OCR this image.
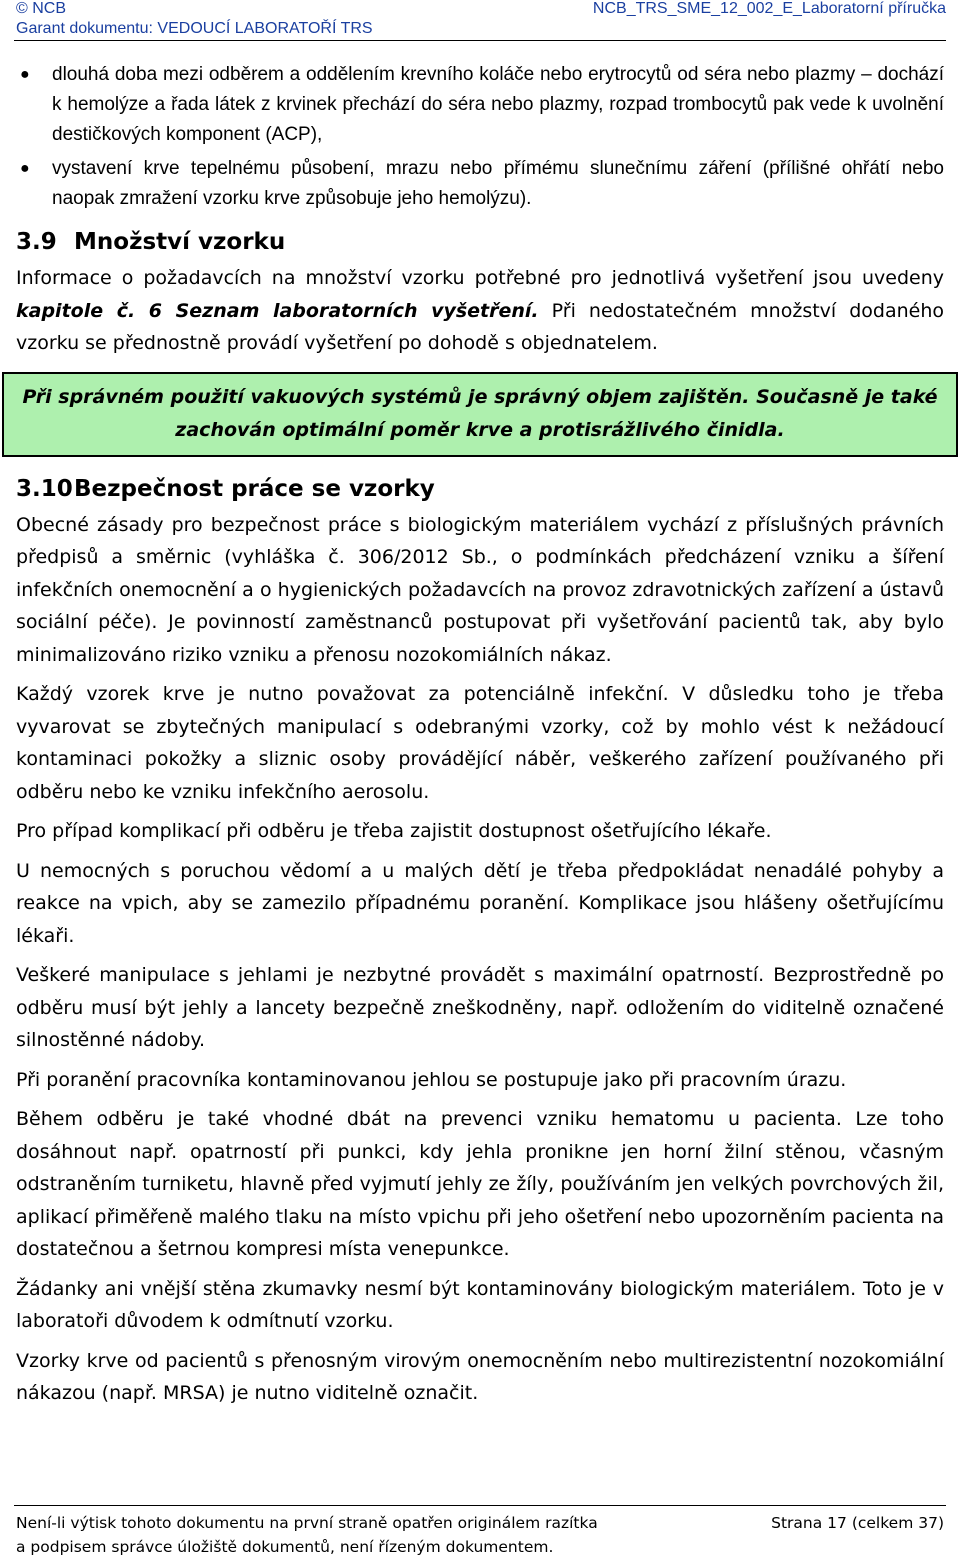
© NCB
Garant dokumentu: VEDOUCÍ LABORATOŘÍ TRS
NCB_TRS_SME_12_002_E_Laboratorní příručka
● dlouhá doba mezi odběrem a oddělením krevního koláče nebo erytrocytů od séra nebo plazmy – dochází k hemolýze a řada látek z krvinek přechází do séra nebo plazmy, rozpad trombocytů pak vede k uvolnění destičkových komponent (ACP),
● vystavení krve tepelnému působení, mrazu nebo přímému slunečnímu záření (přílišné ohřátí nebo naopak zmražení vzorku krve způsobuje jeho hemolýzu).
3.9 Množství vzorku

Informace o požadavcích na množství vzorku potřebné pro jednotlivá vyšetření jsou uvedeny kapitole č. 6 Seznam laboratorních vyšetření. Při nedostatečném množství dodaného vzorku se přednostně provádí vyšetření po dohodě s objednatelem.

Při správném použití vakuových systémů je správný objem zajištěn. Současně je také zachován optimální poměr krve a protisrážlivého činidla.
3.10Bezpečnost práce se vzorky

Obecné zásady pro bezpečnost práce s biologickým materiálem vychází z příslušných právních předpisů a směrnic (vyhláška č. 306/2012 Sb., o podmínkách předcházení vzniku a šíření infekčních onemocnění a o hygienických požadavcích na provoz zdravotnických zařízení a ústavů sociální péče). Je povinností zaměstnanců postupovat při vyšetřování pacientů tak, aby bylo minimalizováno riziko vzniku a přenosu nozokomiálních nákaz.

Každý vzorek krve je nutno považovat za potenciálně infekční. V důsledku toho je třeba vyvarovat se zbytečných manipulací s odebranými vzorky, což by mohlo vést k nežádoucí kontaminaci pokožky a sliznic osoby provádějící náběr, veškerého zařízení používaného při odběru nebo ke vzniku infekčního aerosolu.

Pro případ komplikací při odběru je třeba zajistit dostupnost ošetřujícího lékaře.

U nemocných s poruchou vědomí a u malých dětí je třeba předpokládat nenadálé pohyby a reakce na vpich, aby se zamezilo případnému poranění. Komplikace jsou hlášeny ošetřujícímu lékaři.

Veškeré manipulace s jehlami je nezbytné provádět s maximální opatrností. Bezprostředně po odběru musí být jehly a lancety bezpečně zneškodněny, např. odložením do viditelně označené silnostěnné nádoby.

Při poranění pracovníka kontaminovanou jehlou se postupuje jako při pracovním úrazu.

Během odběru je také vhodné dbát na prevenci vzniku hematomu u pacienta. Lze toho dosáhnout např. opatrností při punkci, kdy jehla pronikne jen horní žilní stěnou, včasným odstraněním turniketu, hlavně před vyjmutí jehly ze žíly, používáním jen velkých povrchových žil, aplikací přiměřeně malého tlaku na místo vpichu při jeho ošetření nebo upozorněním pacienta na dostatečnou a šetrnou kompresi místa venepunkce.

Žádanky ani vnější stěna zkumavky nesmí být kontaminovány biologickým materiálem. Toto je v laboratoři důvodem k odmítnutí vzorku.

Vzorky krve od pacientů s přenosným virovým onemocněním nebo multirezistentní nozokomiální nákazou (např. MRSA) je nutno viditelně označit.

Není-li výtisk tohoto dokumentu na první straně opatřen originálem razítka
a podpisem správce úložiště dokumentů, není řízeným dokumentem.
Strana 17 (celkem 37)
